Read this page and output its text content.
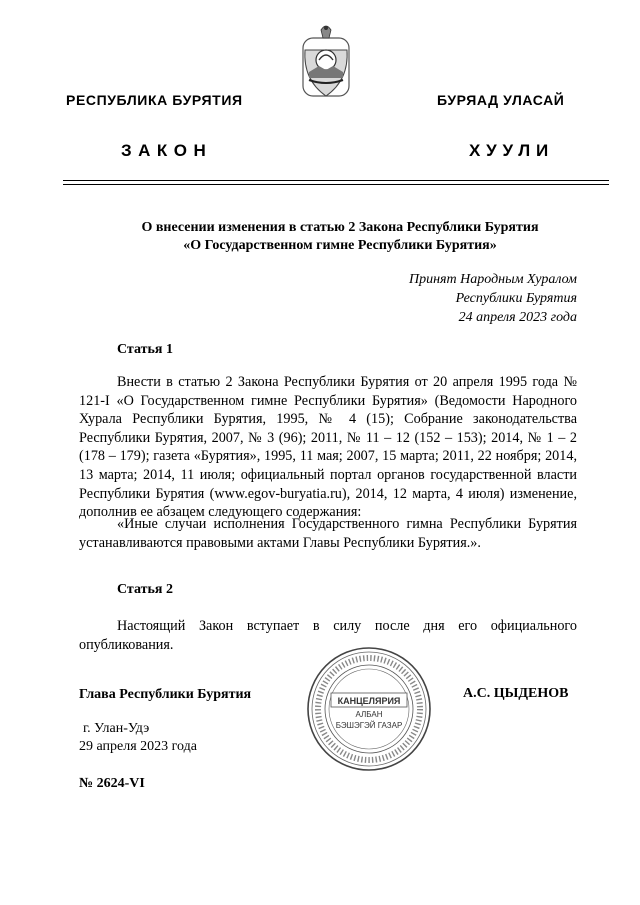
РЕСПУБЛИКА БУРЯТИЯ	БУРЯАД УЛАСАЙ
ЗАКОН	ХУУЛИ
О внесении изменения в статью 2 Закона Республики Бурятия
«О Государственном гимне Республики Бурятия»
Принят Народным Хуралом
Республики Бурятия
24 апреля 2023 года
Статья 1

Внести в статью 2 Закона Республики Бурятия от 20 апреля 1995 года № 121-I «О Государственном гимне Республики Бурятия» (Ведомости Народного Хурала Республики Бурятия, 1995, № 4 (15); Собрание законодательства Республики Бурятия, 2007, № 3 (96); 2011, № 11 – 12 (152 – 153); 2014, № 1 – 2 (178 – 179); газета «Бурятия», 1995, 11 мая; 2007, 15 марта; 2011, 22 ноября; 2014, 13 марта; 2014, 11 июля; официальный портал органов государственной власти Республики Бурятия (www.egov-buryatia.ru), 2014, 12 марта, 4 июля) изменение, дополнив ее абзацем следующего содержания:

«Иные случаи исполнения Государственного гимна Республики Бурятия устанавливаются правовыми актами Главы Республики Бурятия.».

Статья 2

Настоящий Закон вступает в силу после дня его официального опубликования.

Глава Республики Бурятия	А.С. ЦЫДЕНОВ
г. Улан-Удэ
29 апреля 2023 года
№ 2624-VI
КАНЦЕЛЯРИЯ
АЛБАН
БЭШЭГЭЙ ГАЗАР
